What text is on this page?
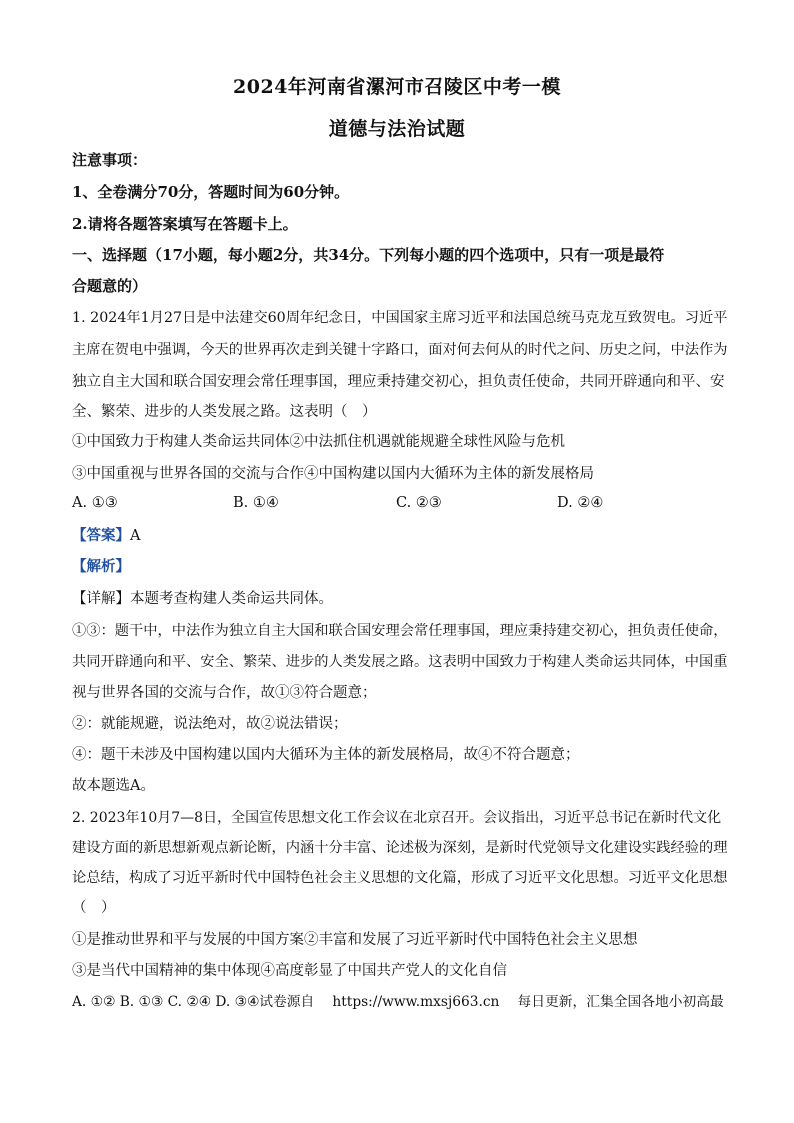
2024年河南省漯河市召陵区中考一模
道德与法治试题
注意事项：
1、全卷满分70分，答题时间为60分钟。
2.请将各题答案填写在答题卡上。
一、选择题（17小题，每小题2分，共34分。下列每小题的四个选项中，只有一项是最符
合题意的）
1. 2024年1月27日是中法建交60周年纪念日，中国国家主席习近平和法国总统马克龙互致贺电。习近平
主席在贺电中强调，今天的世界再次走到关键十字路口，面对何去何从的时代之问、历史之问，中法作为
独立自主大国和联合国安理会常任理事国，理应秉持建交初心，担负责任使命，共同开辟通向和平、安
全、繁荣、进步的人类发展之路。这表明（　）
①中国致力于构建人类命运共同体②中法抓住机遇就能规避全球性风险与危机
③中国重视与世界各国的交流与合作④中国构建以国内大循环为主体的新发展格局
A. ①③	B. ①④	C. ②③	D. ②④
【答案】A
【解析】
【详解】本题考查构建人类命运共同体。
①③：题干中，中法作为独立自主大国和联合国安理会常任理事国，理应秉持建交初心，担负责任使命，
共同开辟通向和平、安全、繁荣、进步的人类发展之路。这表明中国致力于构建人类命运共同体，中国重
视与世界各国的交流与合作，故①③符合题意；
②：就能规避，说法绝对，故②说法错误；
④：题干未涉及中国构建以国内大循环为主体的新发展格局，故④不符合题意；
故本题选A。
2. 2023年10月7—8日，全国宣传思想文化工作会议在北京召开。会议指出，习近平总书记在新时代文化
建设方面的新思想新观点新论断，内涵十分丰富、论述极为深刻，是新时代党领导文化建设实践经验的理
论总结，构成了习近平新时代中国特色社会主义思想的文化篇，形成了习近平文化思想。习近平文化思想
（　）
①是推动世界和平与发展的中国方案②丰富和发展了习近平新时代中国特色社会主义思想
③是当代中国精神的集中体现④高度彰显了中国共产党人的文化自信
A. ①② B. ①③ C. ②④ D. ③④试卷源自　 https://www.mxsj663.cn　 每日更新，汇集全国各地小初高最
